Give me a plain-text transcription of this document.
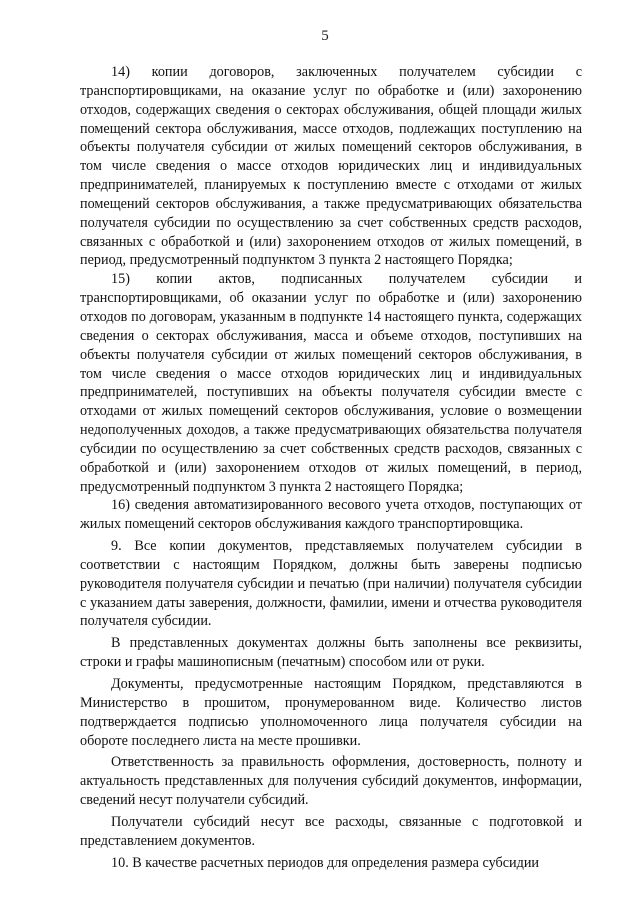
5

14) копии договоров, заключенных получателем субсидии с транспортировщиками, на оказание услуг по обработке и (или) захоронению отходов, содержащих сведения о секторах обслуживания, общей площади жилых помещений сектора обслуживания, массе отходов, подлежащих поступлению на объекты получателя субсидии от жилых помещений секторов обслуживания, в том числе сведения о массе отходов юридических лиц и индивидуальных предпринимателей, планируемых к поступлению вместе с отходами от жилых помещений секторов обслуживания, а также предусматривающих обязательства получателя субсидии по осуществлению за счет собственных средств расходов, связанных с обработкой и (или) захоронением отходов от жилых помещений, в период, предусмотренный подпунктом 3 пункта 2 настоящего Порядка;

15) копии актов, подписанных получателем субсидии и транспортировщиками, об оказании услуг по обработке и (или) захоронению отходов по договорам, указанным в подпункте 14 настоящего пункта, содержащих сведения о секторах обслуживания, масса и объеме отходов, поступивших на объекты получателя субсидии от жилых помещений секторов обслуживания, в том числе сведения о массе отходов юридических лиц и индивидуальных предпринимателей, поступивших на объекты получателя субсидии вместе с отходами от жилых помещений секторов обслуживания, условие о возмещении недополученных доходов, а также предусматривающих обязательства получателя субсидии по осуществлению за счет собственных средств расходов, связанных с обработкой и (или) захоронением отходов от жилых помещений, в период, предусмотренный подпунктом 3 пункта 2 настоящего Порядка;

16) сведения автоматизированного весового учета отходов, поступающих от жилых помещений секторов обслуживания каждого транспортировщика.

9. Все копии документов, представляемых получателем субсидии в соответствии с настоящим Порядком, должны быть заверены подписью руководителя получателя субсидии и печатью (при наличии) получателя субсидии с указанием даты заверения, должности, фамилии, имени и отчества руководителя получателя субсидии.

В представленных документах должны быть заполнены все реквизиты, строки и графы машинописным (печатным) способом или от руки.

Документы, предусмотренные настоящим Порядком, представляются в Министерство в прошитом, пронумерованном виде. Количество листов подтверждается подписью уполномоченного лица получателя субсидии на обороте последнего листа на месте прошивки.

Ответственность за правильность оформления, достоверность, полноту и актуальность представленных для получения субсидий документов, информации, сведений несут получатели субсидий.

Получатели субсидий несут все расходы, связанные с подготовкой и представлением документов.

10. В качестве расчетных периодов для определения размера субсидии
